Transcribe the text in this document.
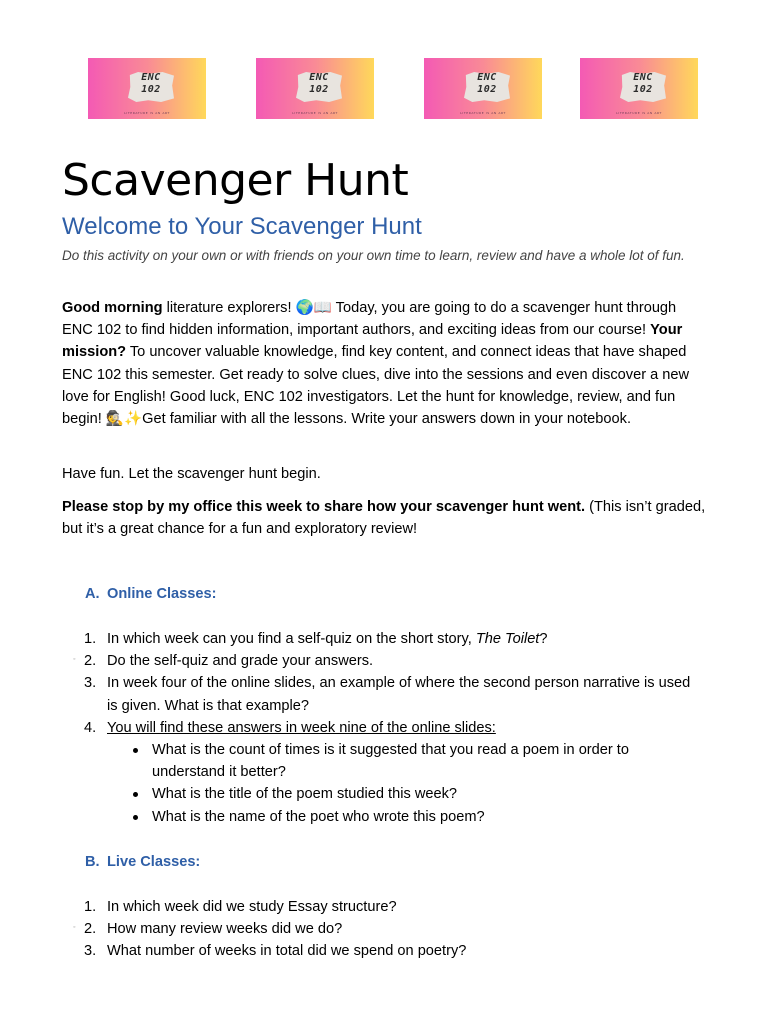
ENC
102
LITERATURE IS AN ART
ENC
102
LITERATURE IS AN ART
ENC
102
LITERATURE IS AN ART
ENC
102
LITERATURE IS AN ART
Scavenger Hunt
Welcome to Your Scavenger Hunt

Do this activity on your own or with friends on your own time to learn, review and have a whole lot of fun.

Good morning literature explorers! 🌍📖 Today, you are going to do a scavenger hunt through ENC 102 to find hidden information, important authors, and exciting ideas from our course! Your mission? To uncover valuable knowledge, find key content, and connect ideas that have shaped ENC 102 this semester. Get ready to solve clues, dive into the sessions and even discover a new love for English! Good luck, ENC 102 investigators. Let the hunt for knowledge, review, and fun begin! 🕵️✨Get familiar with all the lessons. Write your answers down in your notebook.

Have fun. Let the scavenger hunt begin.

Please stop by my office this week to share how your scavenger hunt went. (This isn’t graded, but it’s a great chance for a fun and exploratory review!

A. Online Classes:
◦
1. In which week can you find a self-quiz on the short story, The Toilet?
2. Do the self-quiz and grade your answers.
3. In week four of the online slides, an example of where the second person narrative is used is given. What is that example?
4. You will find these answers in week nine of the online slides:
What is the count of times is it suggested that you read a poem in order to understand it better?
What is the title of the poem studied this week?
What is the name of the poet who wrote this poem?
B. Live Classes:
◦
1. In which week did we study Essay structure?
2. How many review weeks did we do?
3. What number of weeks in total did we spend on poetry?
